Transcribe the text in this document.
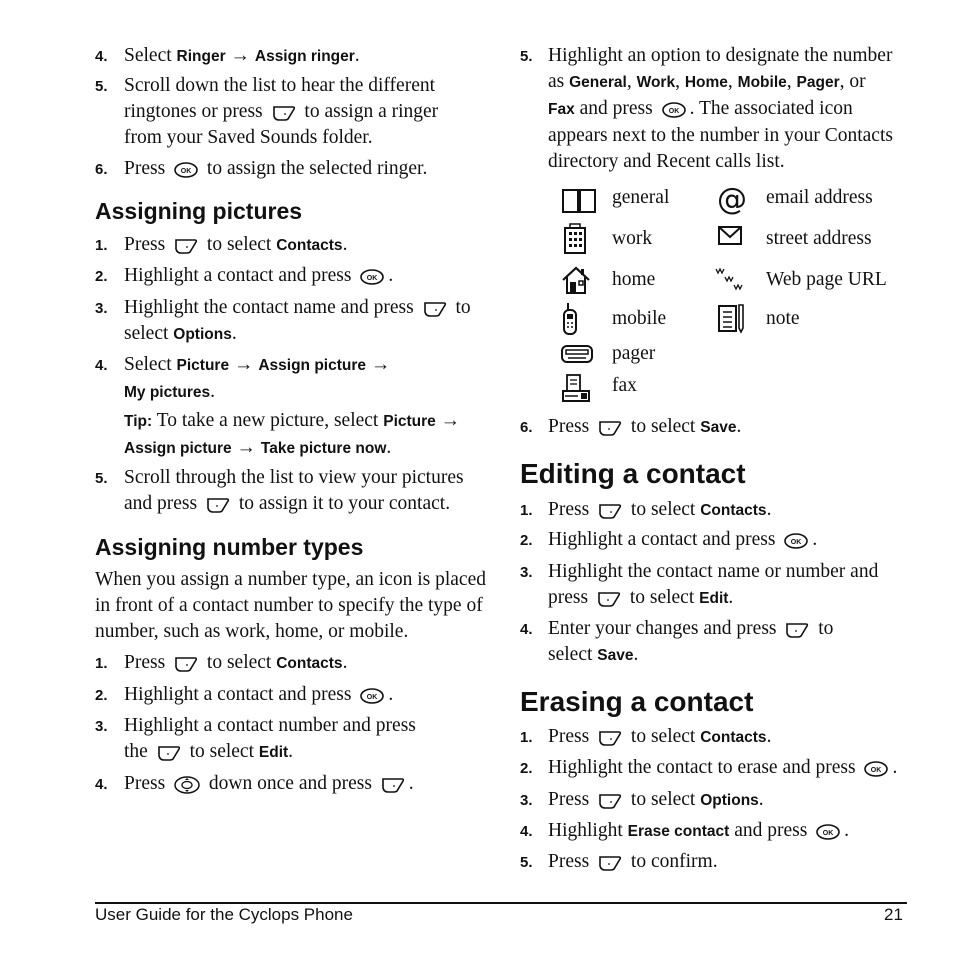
4. Select Ringer → Assign ringer.
5. Scroll down the list to hear the different
ringtones or press
to assign a ringer
from your Saved Sounds folder.
6. Press
to assign the selected ringer.
Assigning pictures
1. Press
to select Contacts.
2. Highlight a contact and press
.
3. Highlight the contact name and press
to
select Options.
4. Select Picture → Assign picture →
My pictures.
Tip: To take a new picture, select Picture →
Assign picture → Take picture now.
5. Scroll through the list to view your pictures
and press
to assign it to your contact.
Assigning number types
When you assign a number type, an icon is placed
in front of a contact number to specify the type of
number, such as work, home, or mobile.
1. Press
to select Contacts.
2. Highlight a contact and press
.
3. Highlight a contact number and press
the
to select Edit.
4. Press
down once and press
.
5. Highlight an option to designate the number
as General, Work, Home, Mobile, Pager, or
Fax and press
. The associated icon
appears next to the number in your Contacts
directory and Recent calls list.
general
work
home
mobile
pager
fax
@ email address
street address
Web page URL
note
6. Press
to select Save.
Editing a contact
1. Press
to select Contacts.
2. Highlight a contact and press
.
3. Highlight the contact name or number and
press
to select Edit.
4. Enter your changes and press
to
select Save.
Erasing a contact
1. Press
to select Contacts.
2. Highlight the contact to erase and press
.
3. Press
to select Options.
4. Highlight Erase contact and press
.
5. Press
to confirm.
User Guide for the Cyclops Phone	21
